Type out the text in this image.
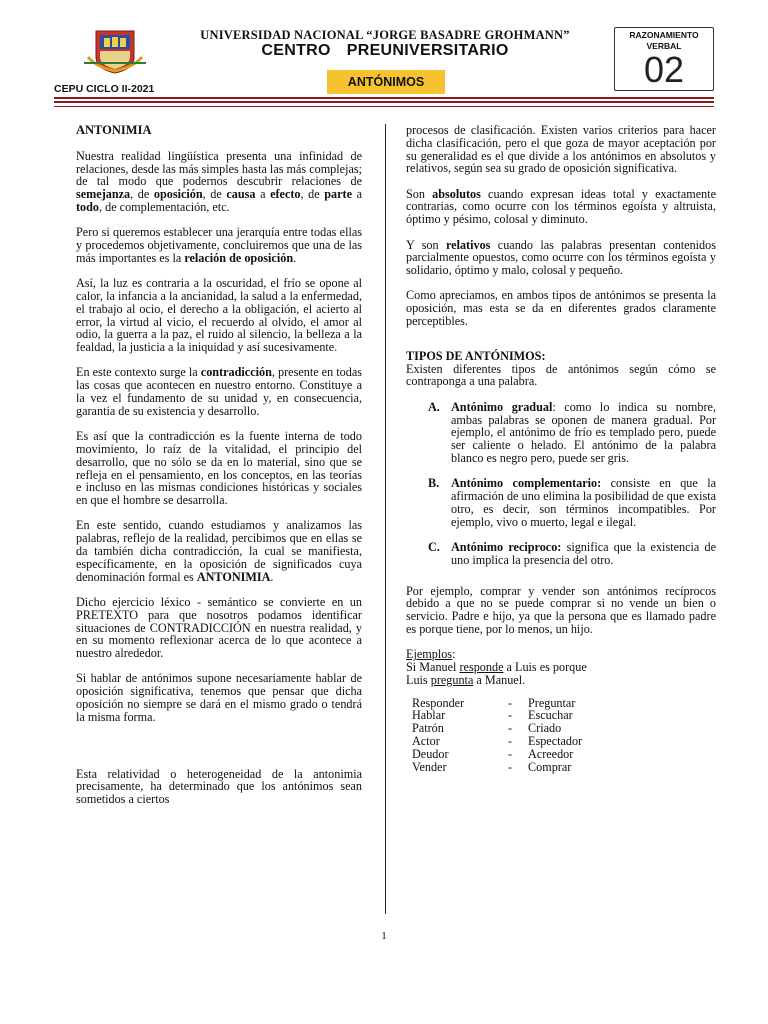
UNIVERSIDAD NACIONAL “JORGE BASADRE GROHMANN”
CENTRO PREUNIVERSITARIO
RAZONAMIENTO
VERBAL
02
CEPU CICLO II-2021	ANTÓNIMOS
ANTONIMIA

Nuestra realidad lingüística presenta una infinidad de relaciones, desde las más simples hasta las más complejas; de tal modo que podernos descubrir relaciones de semejanza, de oposición, de causa a efecto, de parte a todo, de complementación, etc.

Pero si queremos establecer una jerarquía entre todas ellas y procedemos objetivamente, concluiremos que una de las más importantes es la relación de oposición.

Así, la luz es contraria a la oscuridad, el frío se opone al calor, la infancia a la ancianidad, la salud a la enfermedad, el trabajo al ocio, el derecho a la obligación, el acierto al error, la virtud al vicio, el recuerdo al olvido, el amor al odio, la guerra a la paz, el ruido al silencio, la belleza a la fealdad, la justicia a la iniquidad y así sucesivamente.

En este contexto surge la contradicción, presente en todas las cosas que acontecen en nuestro entorno. Constituye a la vez el fundamento de su unidad y, en consecuencia, garantía de su existencia y desarrollo.

Es así que la contradicción es la fuente interna de todo movimiento, lo raíz de la vitalidad, el principio del desarrollo, que no sólo se da en lo material, sino que se refleja en el pensamiento, en los conceptos, en las teorías e incluso en las mismas condiciones históricas y sociales en que el hombre se desarrolla.

En este sentido, cuando estudiamos y analizamos las palabras, reflejo de la realidad, percibimos que en ellas se da también dicha contradicción, la cual se manifiesta, específicamente, en la oposición de significados cuya denominación formal es ANTONIMIA.

Dicho ejercicio léxico - semántico se convierte en un PRETEXTO para que nosotros podamos identificar situaciones de CONTRADICCIÓN en nuestra realidad, y en su momento reflexionar acerca de lo que acontece a nuestro alrededor.

Si hablar de antónimos supone necesariamente hablar de oposición significativa, tenemos que pensar que dicha oposición no siempre se dará en el mismo grado o tendrá la misma forma.

Esta relatividad o heterogeneidad de la antonimia precisamente, ha determinado que los antónimos sean sometidos a ciertos

procesos de clasificación. Existen varios criterios para hacer dicha clasificación, pero el que goza de mayor aceptación por su generalidad es el que divide a los antónimos en absolutos y relativos, según sea su grado de oposición significativa.

Son absolutos cuando expresan ideas total y exactamente contrarias, como ocurre con los términos egoísta y altruista, óptimo y pésimo, colosal y diminuto.

Y son relativos cuando las palabras presentan contenidos parcialmente opuestos, como ocurre con los términos egoísta y solidario, óptimo y malo, colosal y pequeño.

Como apreciamos, en ambos tipos de antónimos se presenta la oposición, mas esta se da en diferentes grados claramente perceptibles.

TIPOS DE ANTÓNIMOS:

Existen diferentes tipos de antónimos según cómo se contraponga a una palabra.

A. Antónimo gradual: como lo indica su nombre, ambas palabras se oponen de manera gradual. Por ejemplo, el antónimo de frío es templado pero, puede ser caliente o helado. El antónimo de la palabra blanco es negro pero, puede ser gris.
B. Antónimo complementario: consiste en que la afirmación de uno elimina la posibilidad de que exista otro, es decir, son términos incompatibles. Por ejemplo, vivo o muerto, legal e ilegal.
C. Antónimo reciproco: significa que la existencia de uno implica la presencia del otro.

Por ejemplo, comprar y vender son antónimos recíprocos debido a que no se puede comprar si no vende un bien o servicio. Padre e hijo, ya que la persona que es llamado padre es porque tiene, por lo menos, un hijo.

Ejemplos:
Si Manuel responde a Luis es porque
Luis pregunta a Manuel.
Responder	-	Preguntar
Hablar	-	Escuchar
Patrón	-	Criado
Actor	-	Espectador
Deudor	-	Acreedor
Vender	-	Comprar
1
